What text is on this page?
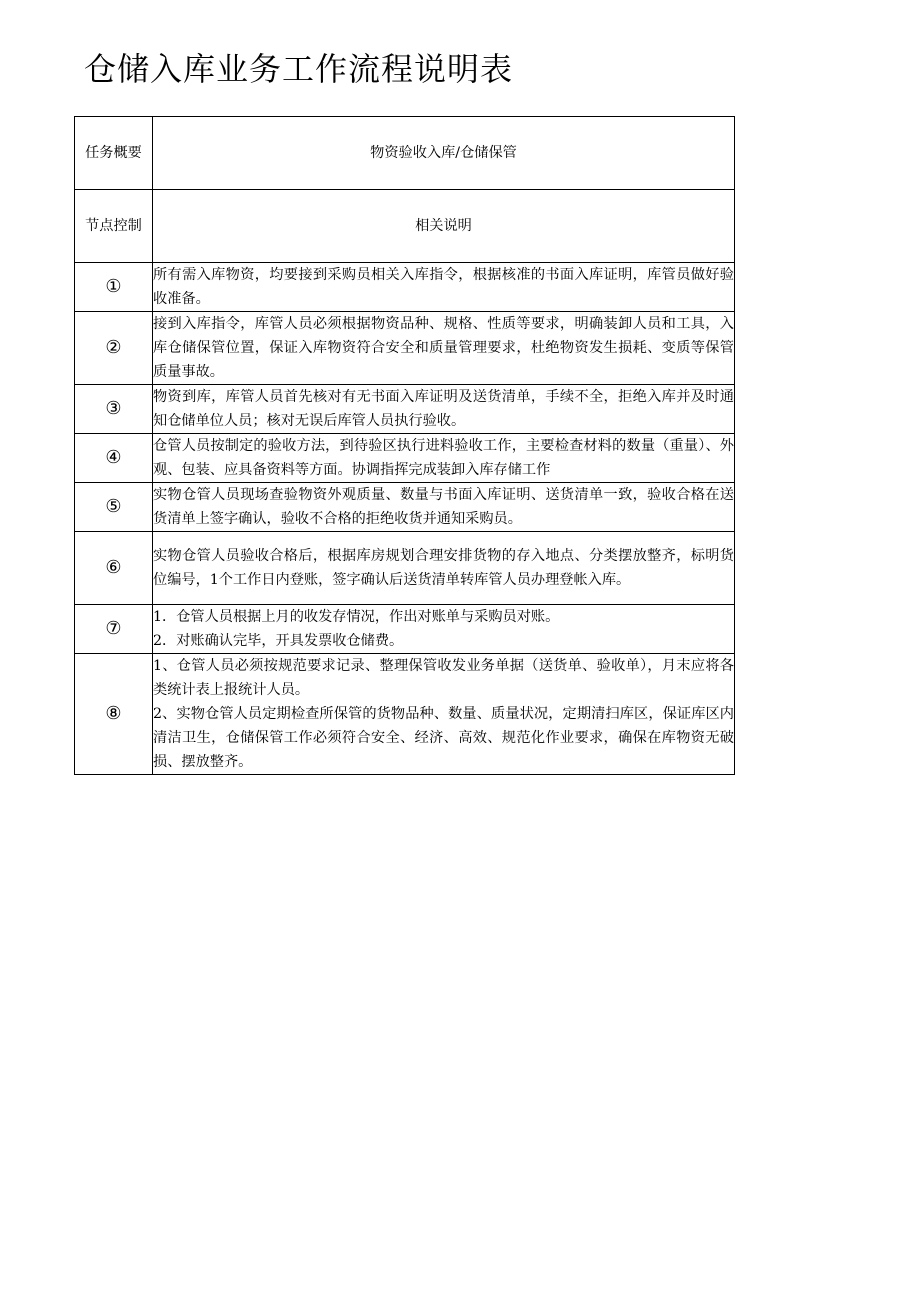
仓储入库业务工作流程说明表
任务概要	物资验收入库/仓储保管

节点控制	相关说明
①	所有需入库物资，均要接到采购员相关入库指令，根据核准的书面入库证明，库管员做好验收准备。

②	接到入库指令，库管人员必须根据物资品种、规格、性质等要求，明确装卸人员和工具，入库仓储保管位置，保证入库物资符合安全和质量管理要求，杜绝物资发生损耗、变质等保管质量事故。

③	物资到库，库管人员首先核对有无书面入库证明及送货清单，手续不全，拒绝入库并及时通知仓储单位人员；核对无误后库管人员执行验收。

④	仓管人员按制定的验收方法，到待验区执行进料验收工作，主要检查材料的数量（重量）、外观、包装、应具备资料等方面。协调指挥完成装卸入库存储工作

⑤	实物仓管人员现场查验物资外观质量、数量与书面入库证明、送货清单一致，验收合格在送货清单上签字确认，验收不合格的拒绝收货并通知采购员。

⑥	实物仓管人员验收合格后，根据库房规划合理安排货物的存入地点、分类摆放整齐，标明货位编号，1个工作日内登账，签字确认后送货清单转库管人员办理登帐入库。

⑦	1．仓管人员根据上月的收发存情况，作出对账单与采购员对账。
2．对账确认完毕，开具发票收仓储费。

⑧	1、仓管人员必须按规范要求记录、整理保管收发业务单据（送货单、验收单），月末应将各类统计表上报统计人员。
2、实物仓管人员定期检查所保管的货物品种、数量、质量状况，定期清扫库区，保证库区内清洁卫生，仓储保管工作必须符合安全、经济、高效、规范化作业要求，确保在库物资无破损、摆放整齐。
